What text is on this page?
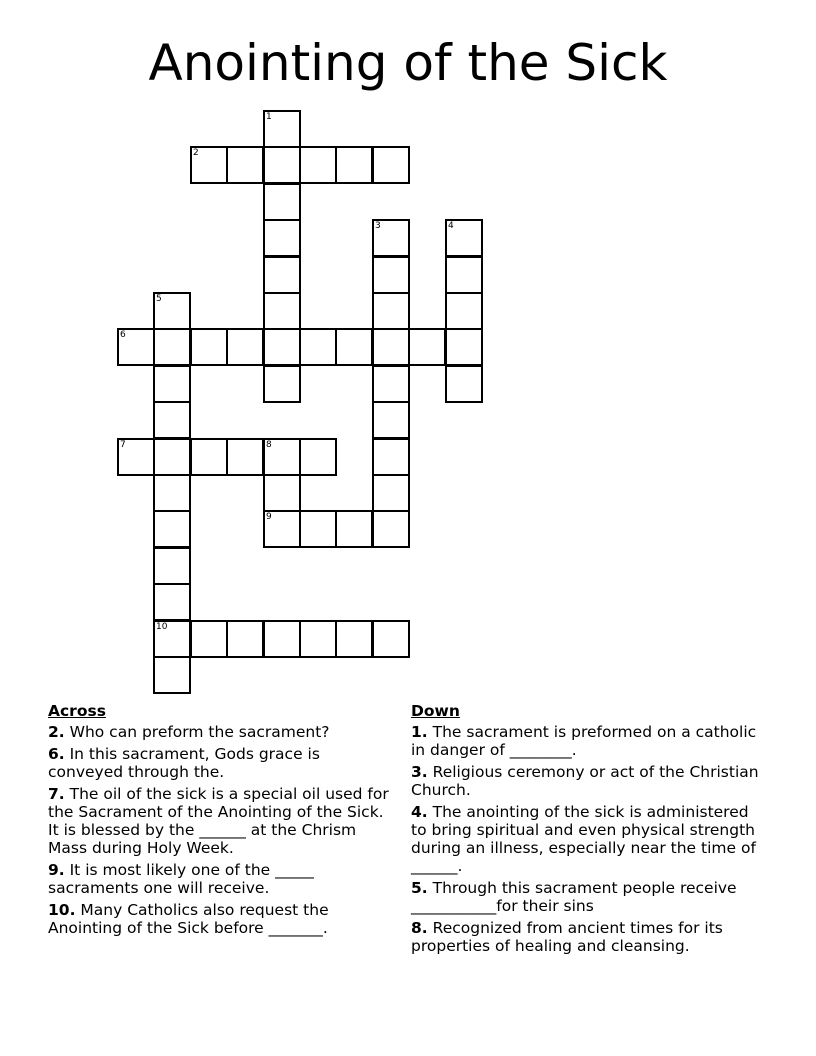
Anointing of the Sick
1
2
3	4
5
6
7	8
9
10
Across
2. Who can preform the sacrament?
6. In this sacrament, Gods grace is conveyed through the.
7. The oil of the sick is a special oil used for the Sacrament of the Anointing of the Sick. It is blessed by the ______ at the Chrism Mass during Holy Week.
9. It is most likely one of the _____ sacraments one will receive.
10. Many Catholics also request the Anointing of the Sick before _______.
Down
1. The sacrament is preformed on a catholic in danger of ________.
3. Religious ceremony or act of the Christian Church.
4. The anointing of the sick is administered to bring spiritual and even physical strength during an illness, especially near the time of ______.
5. Through this sacrament people receive ___________for their sins
8. Recognized from ancient times for its properties of healing and cleansing.
